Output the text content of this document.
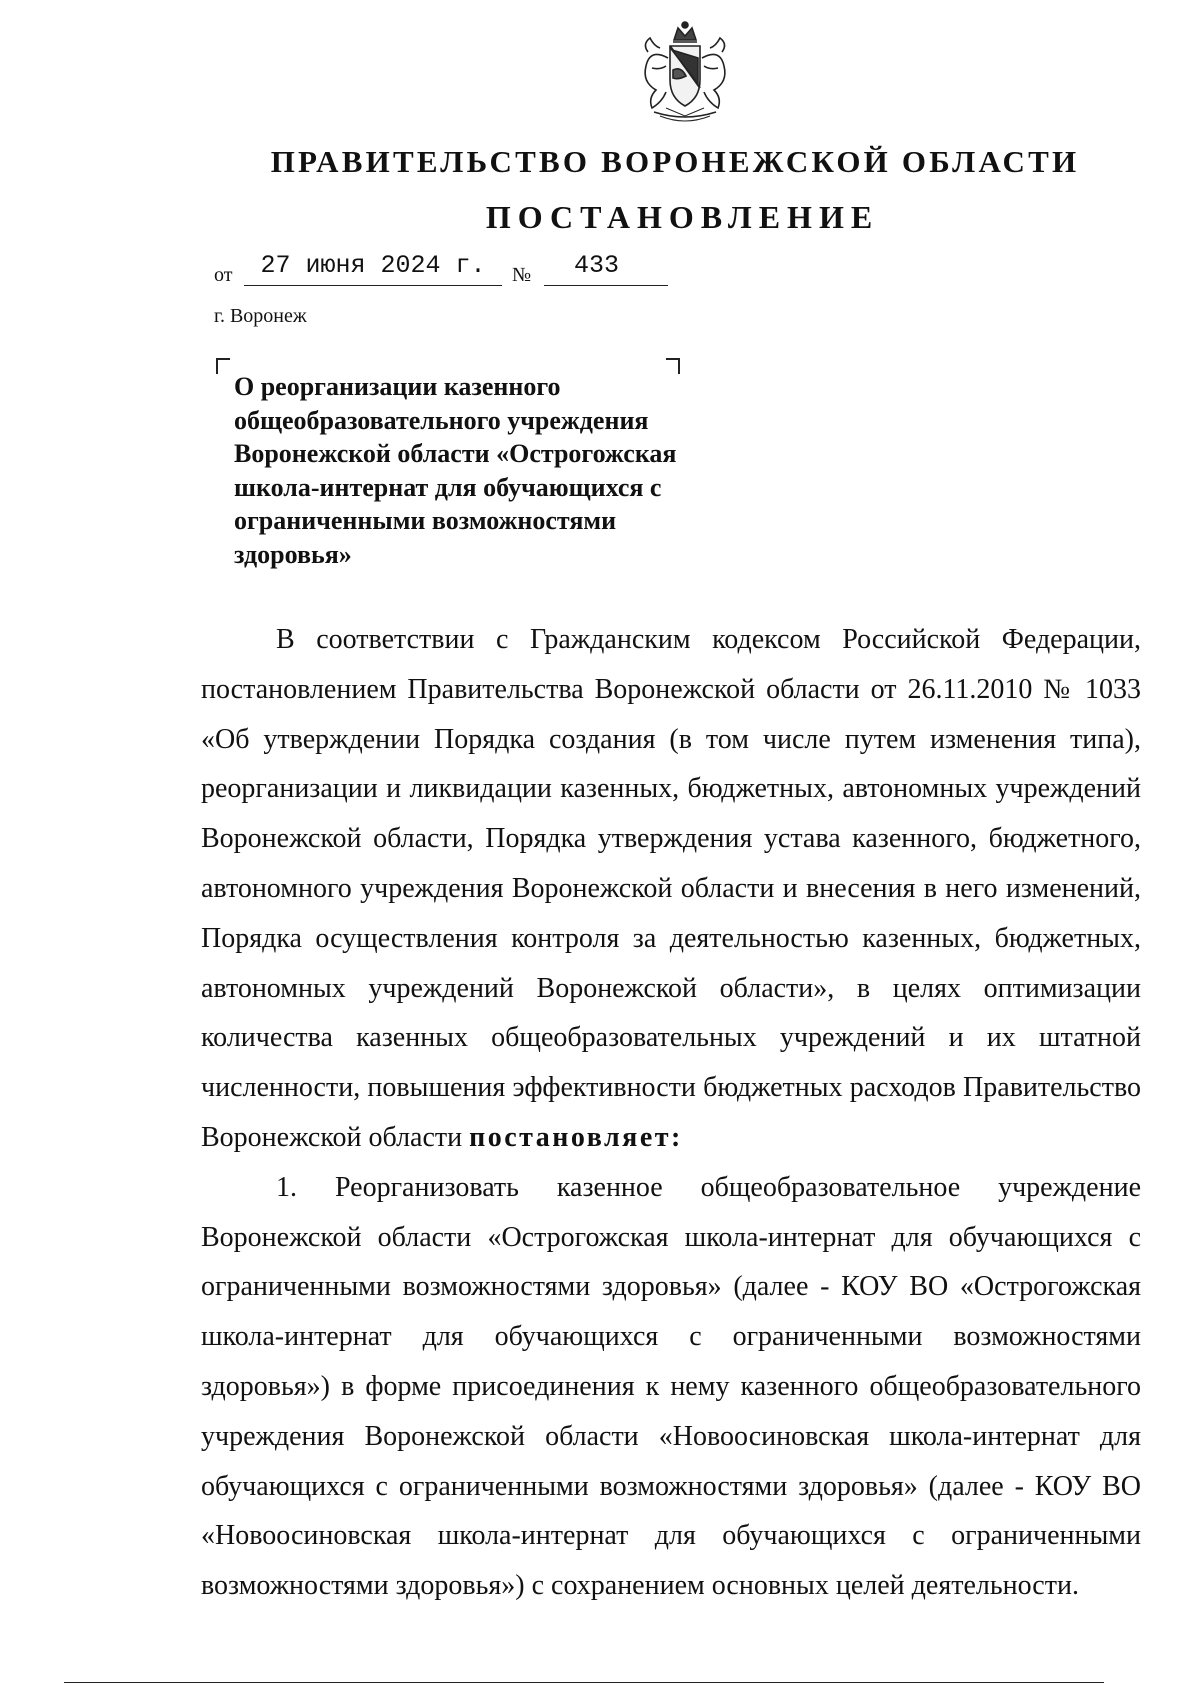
ПРАВИТЕЛЬСТВО ВОРОНЕЖСКОЙ ОБЛАСТИ
ПОСТАНОВЛЕНИЕ
от	27 июня 2024 г.	№	433
г. Воронеж
О реорганизации казенного
общеобразовательного учреждения
Воронежской области «Острогожская
школа-интернат для обучающихся с
ограниченными возможностями
здоровья»

В соответствии с Гражданским кодексом Российской Федерации, постановлением Правительства Воронежской области от 26.11.2010 № 1033 «Об утверждении Порядка создания (в том числе путем изменения типа), реорганизации и ликвидации казенных, бюджетных, автономных учреждений Воронежской области, Порядка утверждения устава казенного, бюджетного, автономного учреждения Воронежской области и внесения в него изменений, Порядка осуществления контроля за деятельностью казенных, бюджетных, автономных учреждений Воронежской области», в целях оптимизации количества казенных общеобразовательных учреждений и их штатной численности, повышения эффективности бюджетных расходов Правительство Воронежской области постановляет:

1. Реорганизовать казенное общеобразовательное учреждение Воронежской области «Острогожская школа-интернат для обучающихся с ограниченными возможностями здоровья» (далее - КОУ ВО «Острогожская школа-интернат для обучающихся с ограниченными возможностями здоровья») в форме присоединения к нему казенного общеобразовательного учреждения Воронежской области «Новоосиновская школа-интернат для обучающихся с ограниченными возможностями здоровья» (далее - КОУ ВО «Новоосиновская школа-интернат для обучающихся с ограниченными возможностями здоровья») с сохранением основных целей деятельности.
